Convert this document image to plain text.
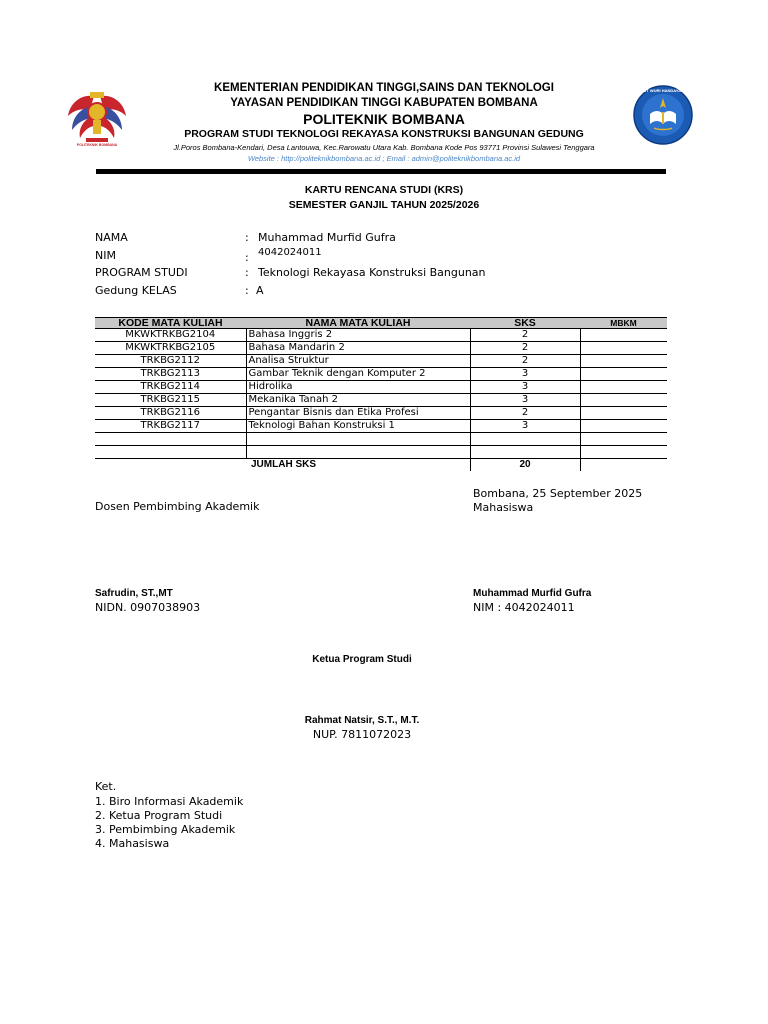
POLITEKNIK BOMBANA
TUT WURI HANDAYANI
KEMENTERIAN PENDIDIKAN TINGGI,SAINS DAN TEKNOLOGI
YAYASAN PENDIDIKAN TINGGI KABUPATEN BOMBANA
POLITEKNIK BOMBANA
PROGRAM STUDI TEKNOLOGI REKAYASA KONSTRUKSI BANGUNAN GEDUNG
Jl.Poros Bombana-Kendari, Desa Lantouwa, Kec.Rarowatu Utara Kab. Bombana Kode Pos 93771 Provinsi Sulawesi Tenggara
Website : http://politeknikbombana.ac.id ; Email : admin@politeknikbombana.ac.id
KARTU RENCANA STUDI (KRS)
SEMESTER GANJIL TAHUN 2025/2026
NAMA	: Muhammad Murfid Gufra
NIM	: 4042024011
PROGRAM STUDI	: Teknologi Rekayasa Konstruksi Bangunan
Gedung KELAS	: A
KODE MATA KULIAH	NAMA MATA KULIAH	SKS	MBKM
MKWKTRKBG2104	Bahasa Inggris 2	2	
MKWKTRKBG2105	Bahasa Mandarin 2	2	
TRKBG2112	Analisa Struktur	2	
TRKBG2113	Gambar Teknik dengan Komputer 2	3	
TRKBG2114	Hidrolika	3	
TRKBG2115	Mekanika Tanah 2	3	
TRKBG2116	Pengantar Bisnis dan Etika Profesi	2	
TRKBG2117	Teknologi Bahan Konstruksi 1	3	

	JUMLAH SKS	20	
Bombana, 25 September 2025
Mahasiswa
Dosen Pembimbing Akademik
Safrudin, ST.,MT
NIDN. 0907038903
Muhammad Murfid Gufra
NIM : 4042024011
Ketua Program Studi
Rahmat Natsir, S.T., M.T.
NUP. 7811072023
Ket.
1. Biro Informasi Akademik
2. Ketua Program Studi
3. Pembimbing Akademik
4. Mahasiswa
